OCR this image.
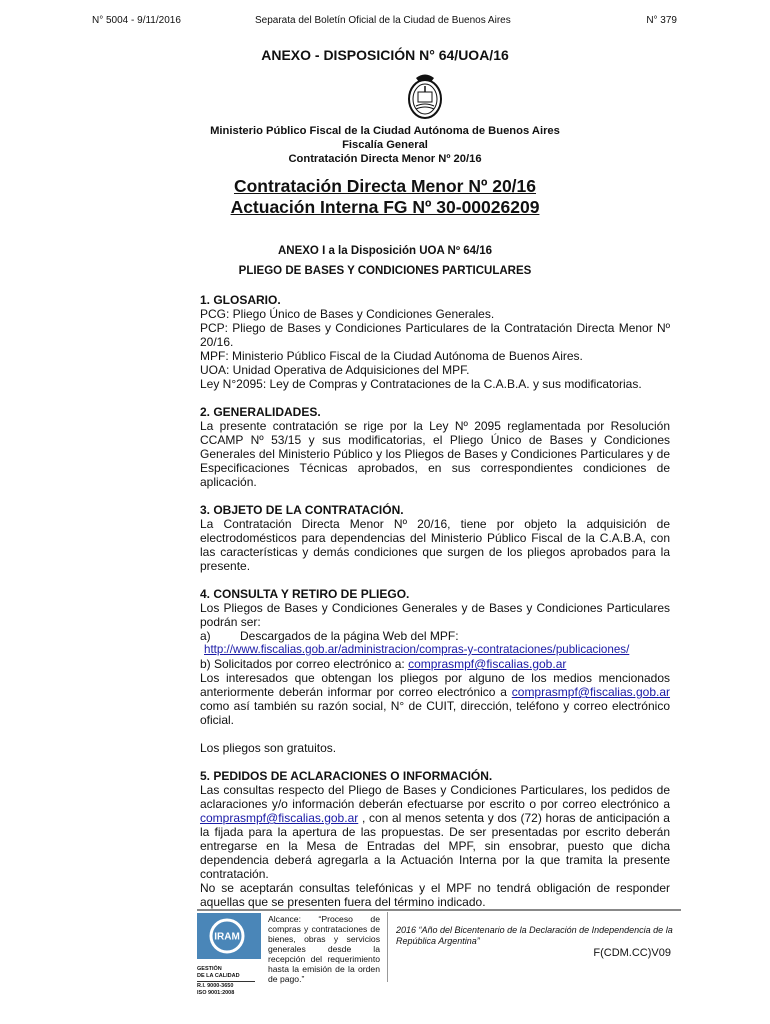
N° 5004 - 9/11/2016	Separata del Boletín Oficial de la Ciudad de Buenos Aires	N° 379
ANEXO - DISPOSICIÓN N° 64/UOA/16
Ministerio Público Fiscal de la Ciudad Autónoma de Buenos Aires
Fiscalía General
Contratación Directa Menor Nº 20/16
Contratación Directa Menor Nº 20/16
Actuación Interna FG Nº 30-00026209
ANEXO I a la Disposición UOA Nº 64/16
PLIEGO DE BASES Y CONDICIONES PARTICULARES

1. GLOSARIO.

PCG: Pliego Único de Bases y Condiciones Generales.

PCP: Pliego de Bases y Condiciones Particulares de la Contratación Directa Menor Nº 20/16.

MPF: Ministerio Público Fiscal de la Ciudad Autónoma de Buenos Aires.

UOA: Unidad Operativa de Adquisiciones del MPF.

Ley N°2095: Ley de Compras y Contrataciones de la C.A.B.A. y sus modificatorias.

2. GENERALIDADES.

La presente contratación se rige por la Ley Nº 2095 reglamentada por Resolución CCAMP Nº 53/15 y sus modificatorias, el Pliego Único de Bases y Condiciones Generales del Ministerio Público y los Pliegos de Bases y Condiciones Particulares y de Especificaciones Técnicas aprobados, en sus correspondientes condiciones de aplicación.

3. OBJETO DE LA CONTRATACIÓN.

La Contratación Directa Menor Nº 20/16, tiene por objeto la adquisición de electrodomésticos para dependencias del Ministerio Público Fiscal de la C.A.B.A, con las características y demás condiciones que surgen de los pliegos aprobados para la presente.

4. CONSULTA Y RETIRO DE PLIEGO.

Los Pliegos de Bases y Condiciones Generales y de Bases y Condiciones Particulares podrán ser:

a) Descargados de la página Web del MPF:

http://www.fiscalias.gob.ar/administracion/compras-y-contrataciones/publicaciones/

b) Solicitados por correo electrónico a: comprasmpf@fiscalias.gob.ar

Los interesados que obtengan los pliegos por alguno de los medios mencionados anteriormente deberán informar por correo electrónico a comprasmpf@fiscalias.gob.ar como así también su razón social, N° de CUIT, dirección, teléfono y correo electrónico oficial.

Los pliegos son gratuitos.

5. PEDIDOS DE ACLARACIONES O INFORMACIÓN.

Las consultas respecto del Pliego de Bases y Condiciones Particulares, los pedidos de aclaraciones y/o información deberán efectuarse por escrito o por correo electrónico a comprasmpf@fiscalias.gob.ar , con al menos setenta y dos (72) horas de anticipación a la fijada para la apertura de las propuestas. De ser presentadas por escrito deberán entregarse en la Mesa de Entradas del MPF, sin ensobrar, puesto que dicha dependencia deberá agregarla a la Actuación Interna por la que tramita la presente contratación.

No se aceptarán consultas telefónicas y el MPF no tendrá obligación de responder aquellas que se presenten fuera del término indicado.

IRAM
GESTIÓN
DE LA CALIDAD
R.I. 9000-3650
ISO 9001:2008
Alcance: “Proceso de compras y contrataciones de bienes, obras y servicios generales desde la recepción del requerimiento hasta la emisión de la orden de pago.”
2016 “Año del Bicentenario de la Declaración de Independencia de la República Argentina”
F(CDM.CC)V09
